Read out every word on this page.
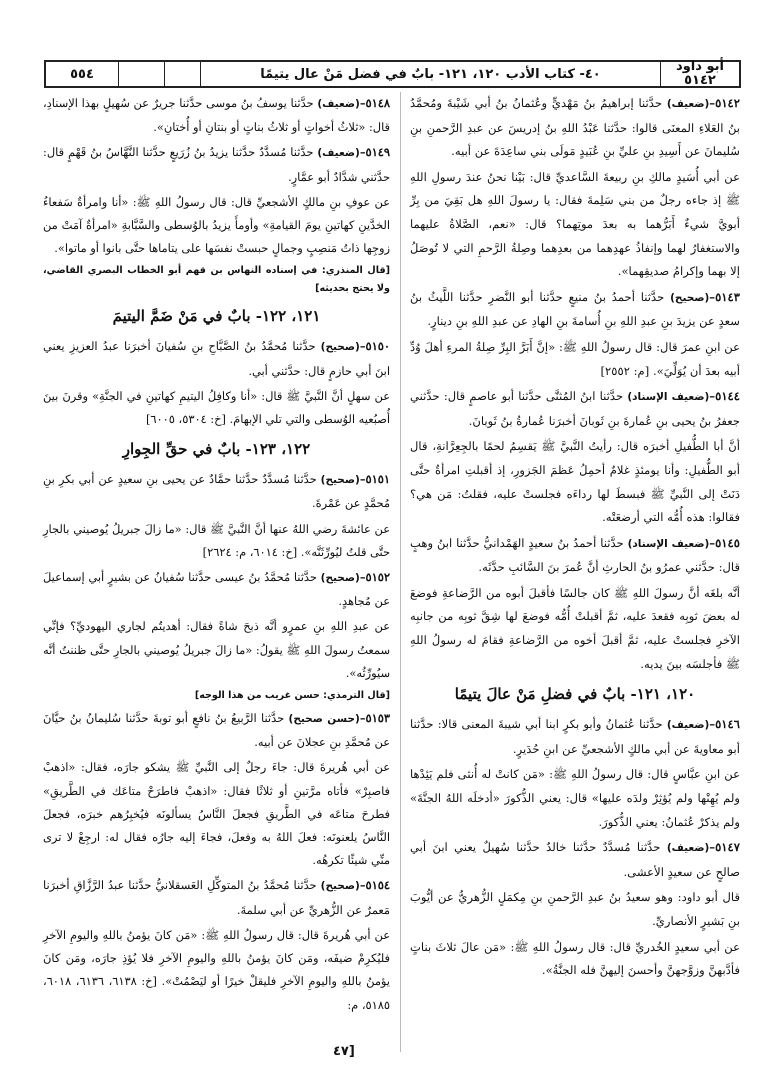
٥٥٤	٤٠- كتاب الأدب ١٢٠، ١٢١- بابٌ في فضل مَنْ عال يتيمًا
أبو داود
٥١٤٢

٥١٤٢–(ضعيف) حدَّثنا إبراهيمُ بنُ مَهْديٍّ وعُثمانُ بنُ أبي شَيْبةَ ومُحمَّدُ بنُ العَلاءِ المعنَى قالوا: حدَّثنا عَبْدُ اللهِ بنُ إدريسَ عن عبدِ الرَّحمنِ بنِ سُليمانَ عن أَسِيدِ بنِ عليِّ بنِ عُبَيدٍ مَولَى بني ساعِدَةَ عن أبيه.

عن أبي أُسَيدٍ مالكِ بنِ ربيعةَ السَّاعديِّ قال: بَيْنا نحنُ عندَ رسولِ اللهِ ﷺ إذ جاءه رجلٌ من بني سَلِمةَ فقال: يا رسولَ اللهِ هل بَقِيَ من بِرِّ أبويَّ شيءٌ أَبَرُّهما به بعدَ موتِهما؟ قال: «نعم، الصَّلاةُ عليهما والاستغفارُ لهما وإنفاذُ عهدِهما من بعدِهما وصِلةُ الرَّحمِ التي لا تُوصَلُ إلا بهما وإكرامُ صديقِهما».

٥١٤٣–(صحيح) حدَّثنا أحمدُ بنُ منيعٍ حدَّثنا أبو النَّضرِ حدَّثنا اللَّيثُ بنُ سعدٍ عن يزيدَ بنِ عبدِ اللهِ بنِ أُسامةَ بنِ الهادِ عن عبدِ اللهِ بنِ دينارٍ.

عن ابنِ عمرَ قال: قال رسولُ اللهِ ﷺ: «إنَّ أَبَرَّ البِرِّ صِلةُ المرءِ أهلَ وُدِّ أبيه بعدَ أن يُوَلِّيَ». [م: ٢٥٥٢]

٥١٤٤–(ضعيف الإسناد) حدَّثنا ابنُ المُثنَّى حدَّثنا أبو عاصمٍ قال: حدَّثني جعفرُ بنُ يحيى بنِ عُمارةَ بنِ ثَوبانَ أخبرَنا عُمارةُ بنُ ثَوبانَ.

أنَّ أبا الطُّفيلِ أخبرَه قال: رأيتُ النَّبيَّ ﷺ يَقسِمُ لحمًا بالجِعِرَّانةِ، قال أبو الطُّفيلِ: وأنا يومئذٍ غلامٌ أحمِلُ عَظمَ الجَزورِ، إذ أقبلتِ امرأةٌ حتَّى دَنَتْ إلى النَّبيِّ ﷺ فبسطَ لها رداءَه فجلستْ عليه، فقلتُ: مَن هي؟ فقالوا: هذه أُمُّه التي أرضعَتْه.

٥١٤٥–(ضعيف الإسناد) حدَّثنا أحمدُ بنُ سعيدٍ الهَمْدانيُّ حدَّثنا ابنُ وهبٍ قال: حدَّثني عمرُو بنُ الحارثِ أنَّ عُمرَ بنَ السَّائبِ حدَّثَه.

أنَّه بلغَه أنَّ رسولَ اللهِ ﷺ كان جالسًا فأقبلَ أبوه من الرَّضاعةِ فوضعَ له بعضَ ثوبِه فقعدَ عليه، ثمَّ أقبلتْ أُمُّه فوضعَ لها شِقَّ ثوبِه من جانبِه الآخرِ فجلستْ عليه، ثمَّ أقبلَ أخوه من الرَّضاعةِ فقامَ له رسولُ اللهِ ﷺ فأجلسَه بينَ يديه.

١٢٠، ١٢١- بابٌ في فضلِ مَنْ عالَ يتيمًا

٥١٤٦–(ضعيف) حدَّثنا عُثمانُ وأبو بكرٍ ابنا أبي شيبةَ المعنى قالا: حدَّثنا أبو معاويةَ عن أبي مالكٍ الأشجعيِّ عن ابنِ حُدَيرٍ.

عن ابنِ عبَّاسٍ قال: قال رسولُ اللهِ ﷺ: «مَن كانتْ له أُنثى فلم يَئِدْها ولم يُهِنْها ولم يُؤثِرْ ولدَه عليها» قال: يعني الذُّكورَ «أدخلَه اللهُ الجنَّةَ» ولم يذكرْ عُثمانُ: يعني الذُّكورَ.

٥١٤٧–(ضعيف) حدَّثنا مُسدَّدٌ حدَّثنا خالدٌ حدَّثنا سُهيلٌ يعني ابنَ أبي صالحٍ عن سعيدٍ الأعشى.

قال أبو داود: وهو سعيدُ بنُ عبدِ الرَّحمنِ بنِ مِكمَلٍ الزُّهريُّ عن أيُّوبَ بنِ بَشيرٍ الأنصاريِّ.

عن أبي سعيدٍ الخُدريِّ قال: قال رسولُ اللهِ ﷺ: «مَن عالَ ثلاثَ بناتٍ فأدَّبهنَّ وزوَّجهنَّ وأحسنَ إليهنَّ فله الجنَّةُ».

٥١٤٨–(ضعيف) حدَّثنا يوسفُ بنُ موسى حدَّثنا جريرٌ عن سُهيلٍ بهذا الإسنادِ، قال: «ثلاثُ أخواتٍ أو ثلاثُ بناتٍ أو بنتانِ أو أُختانِ».

٥١٤٩–(ضعيف) حدَّثنا مُسدَّدٌ حدَّثنا يزيدُ بنُ زُرَيعٍ حدَّثنا النَّهَّاسُ بنُ قَهْمٍ قال: حدَّثني شدَّادٌ أبو عمَّارٍ.

عن عوفِ بنِ مالكٍ الأشجعيِّ قال: قال رسولُ اللهِ ﷺ: «أنا وامرأةٌ سَفعاءُ الخدَّينِ كهاتينِ يومَ القيامةِ» وأومأَ يزيدُ بالوُسطى والسَّبَّابةِ «امرأةٌ آمَتْ من زوجِها ذاتُ مَنصِبٍ وجمالٍ حبستْ نفسَها على يتاماها حتَّى بانوا أو ماتوا».

[قال المنذري: في إسناده النهاس بن قهم أبو الخطاب البصري القاضي، ولا يحتج بحديثه]

١٢١، ١٢٢- بابٌ في مَنْ ضَمَّ اليتيمَ

٥١٥٠–(صحيح) حدَّثنا مُحمَّدُ بنُ الصَّبَّاحِ بنِ سُفيانَ أخبرَنا عبدُ العزيزِ يعني ابنَ أبي حازمٍ قال: حدَّثني أبي.

عن سهلٍ أنَّ النَّبيَّ ﷺ قال: «أنا وكافِلُ اليتيمِ كهاتينِ في الجنَّةِ» وقرنَ بينَ أُصبُعيه الوُسطى والتي تلي الإبهامَ. [خ: ٥٣٠٤، ٦٠٠٥]

١٢٢، ١٢٣- بابٌ في حقِّ الجِوارِ

٥١٥١–(صحيح) حدَّثنا مُسدَّدٌ حدَّثنا حمَّادٌ عن يحيى بنِ سعيدٍ عن أبي بكرِ بنِ مُحمَّدٍ عن عَمْرةَ.

عن عائشةَ رضي اللهُ عنها أنَّ النَّبيَّ ﷺ قال: «ما زالَ جبريلُ يُوصيني بالجارِ حتَّى قلتُ ليُورِّثَنَّه». [خ: ٦٠١٤، م: ٢٦٢٤]

٥١٥٢–(صحيح) حدَّثنا مُحمَّدُ بنُ عيسى حدَّثنا سُفيانُ عن بشيرٍ أبي إسماعيلَ عن مُجاهدٍ.

عن عبدِ اللهِ بنِ عمرٍو أنَّه ذبحَ شاةً فقال: أهديتُم لجاري اليهوديِّ؟ فإنِّي سمعتُ رسولَ اللهِ ﷺ يقولُ: «ما زالَ جبريلُ يُوصيني بالجارِ حتَّى ظننتُ أنَّه سيُورِّثُه».

[قال الترمذي: حسن غريب من هذا الوجه]

٥١٥٣–(حسن صحيح) حدَّثنا الرَّبيعُ بنُ نافعٍ أبو توبةَ حدَّثنا سُليمانُ بنُ حيَّانَ عن مُحمَّدِ بنِ عجلانَ عن أبيه.

عن أبي هُريرةَ قال: جاءَ رجلٌ إلى النَّبيِّ ﷺ يشكو جارَه، فقال: «اذهبْ فاصبِرْ» فأتاه مرَّتينِ أو ثلاثًا فقال: «اذهبْ فاطرَحْ متاعَك في الطَّريقِ» فطرحَ متاعَه في الطَّريقِ فجعلَ النَّاسُ يسألونَه فيُخبِرُهم خبرَه، فجعلَ النَّاسُ يلعنونَه: فعلَ اللهُ به وفعلَ، فجاءَ إليه جارُه فقال له: ارجِعْ لا ترى منِّي شيئًا تكرهُه.

٥١٥٤–(صحيح) حدَّثنا مُحمَّدُ بنُ المتوكِّلِ العَسقلانيُّ حدَّثنا عبدُ الرَّزَّاقِ أخبرَنا مَعمرٌ عن الزُّهريِّ عن أبي سلمةَ.

عن أبي هُريرةَ قال: قال رسولُ اللهِ ﷺ: «مَن كانَ يؤمنُ باللهِ واليومِ الآخرِ فليُكرِمْ ضيفَه، ومَن كانَ يؤمنُ باللهِ واليومِ الآخرِ فلا يُؤذِ جارَه، ومَن كانَ يؤمنُ باللهِ واليومِ الآخرِ فليقلْ خيرًا أو ليَصْمُتْ». [خ: ٦١٣٨، ٦١٣٦، ٦٠١٨، ٥١٨٥، م:

٤٧]
